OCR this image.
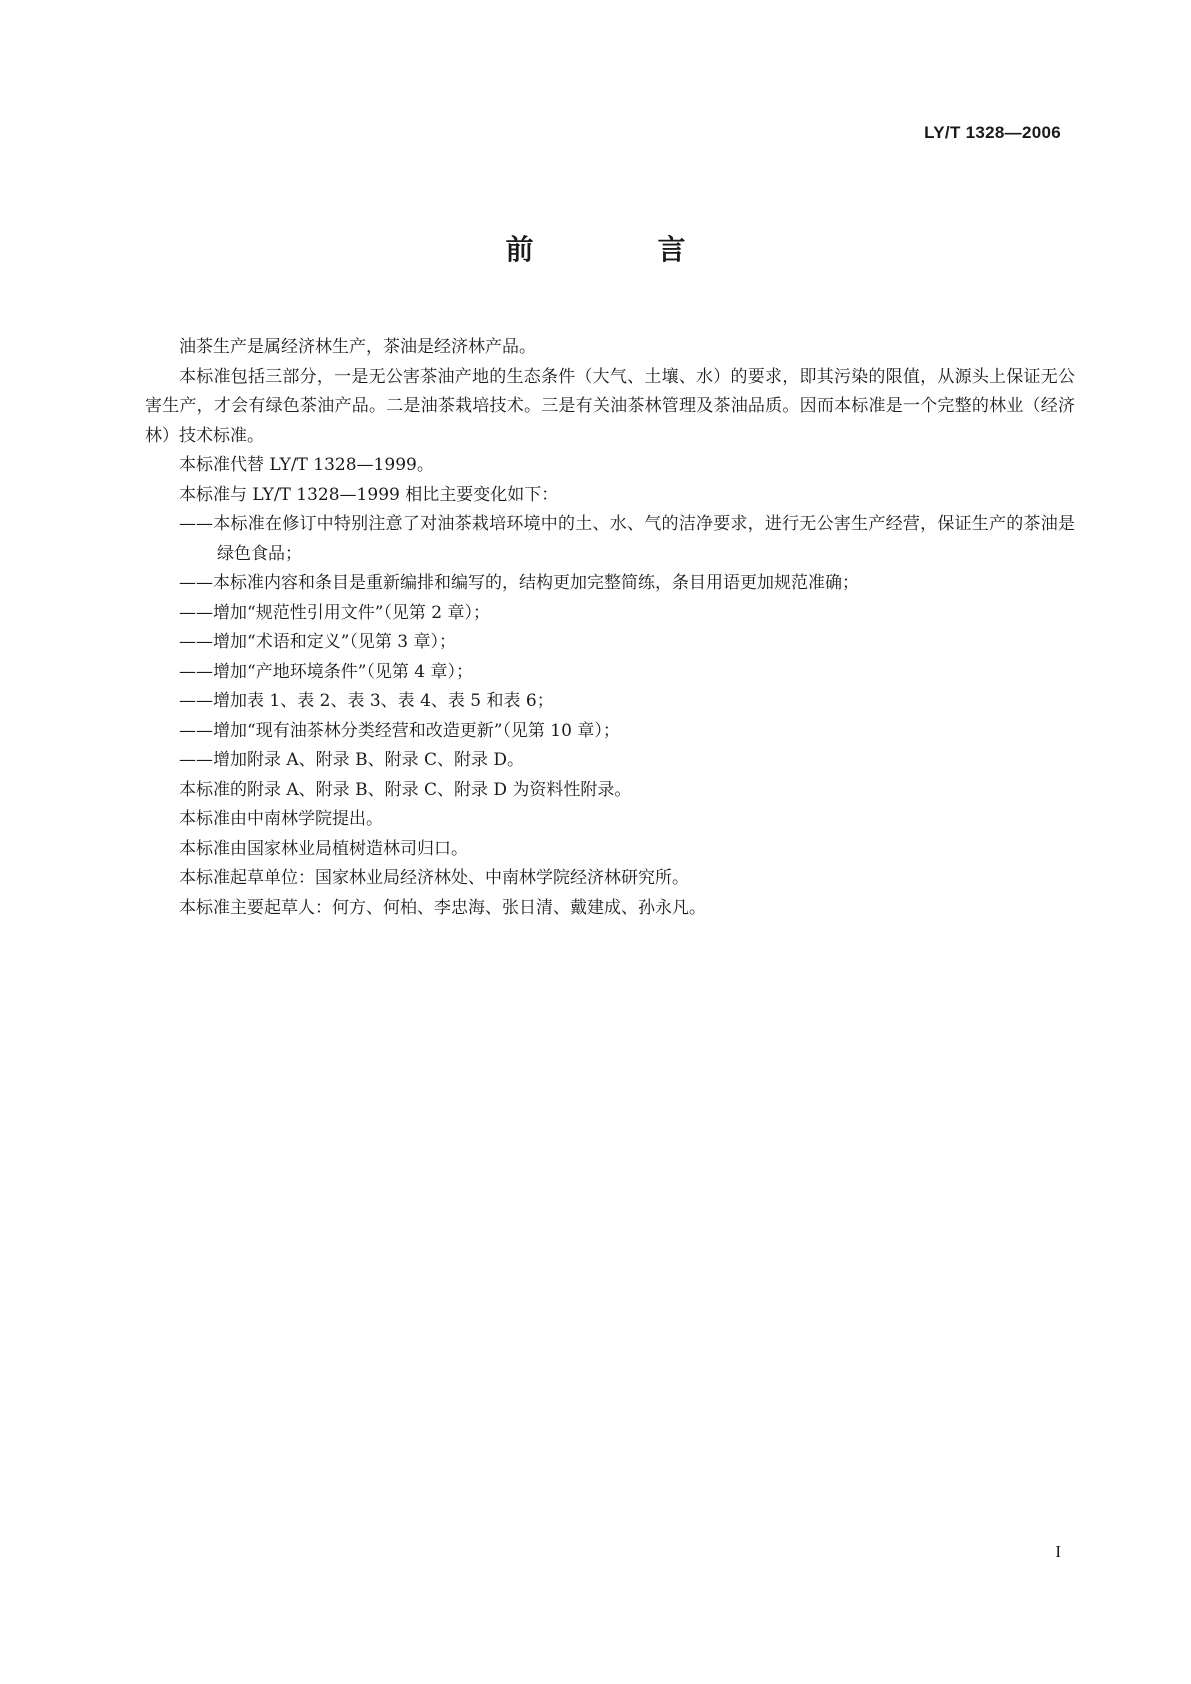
LY/T 1328—2006
前　言

油茶生产是属经济林生产，茶油是经济林产品。

本标准包括三部分，一是无公害茶油产地的生态条件（大气、土壤、水）的要求，即其污染的限值，从源头上保证无公害生产，才会有绿色茶油产品。二是油茶栽培技术。三是有关油茶林管理及茶油品质。因而本标准是一个完整的林业（经济林）技术标准。

本标准代替 LY/T 1328—1999。

本标准与 LY/T 1328—1999 相比主要变化如下：

——本标准在修订中特别注意了对油茶栽培环境中的土、水、气的洁净要求，进行无公害生产经营，保证生产的茶油是绿色食品；

——本标准内容和条目是重新编排和编写的，结构更加完整简练，条目用语更加规范准确；

——增加“规范性引用文件”（见第 2 章）；

——增加“术语和定义”（见第 3 章）；

——增加“产地环境条件”（见第 4 章）；

——增加表 1、表 2、表 3、表 4、表 5 和表 6；

——增加“现有油茶林分类经营和改造更新”（见第 10 章）；

——增加附录 A、附录 B、附录 C、附录 D。

本标准的附录 A、附录 B、附录 C、附录 D 为资料性附录。

本标准由中南林学院提出。

本标准由国家林业局植树造林司归口。

本标准起草单位：国家林业局经济林处、中南林学院经济林研究所。

本标准主要起草人：何方、何柏、李忠海、张日清、戴建成、孙永凡。

I
